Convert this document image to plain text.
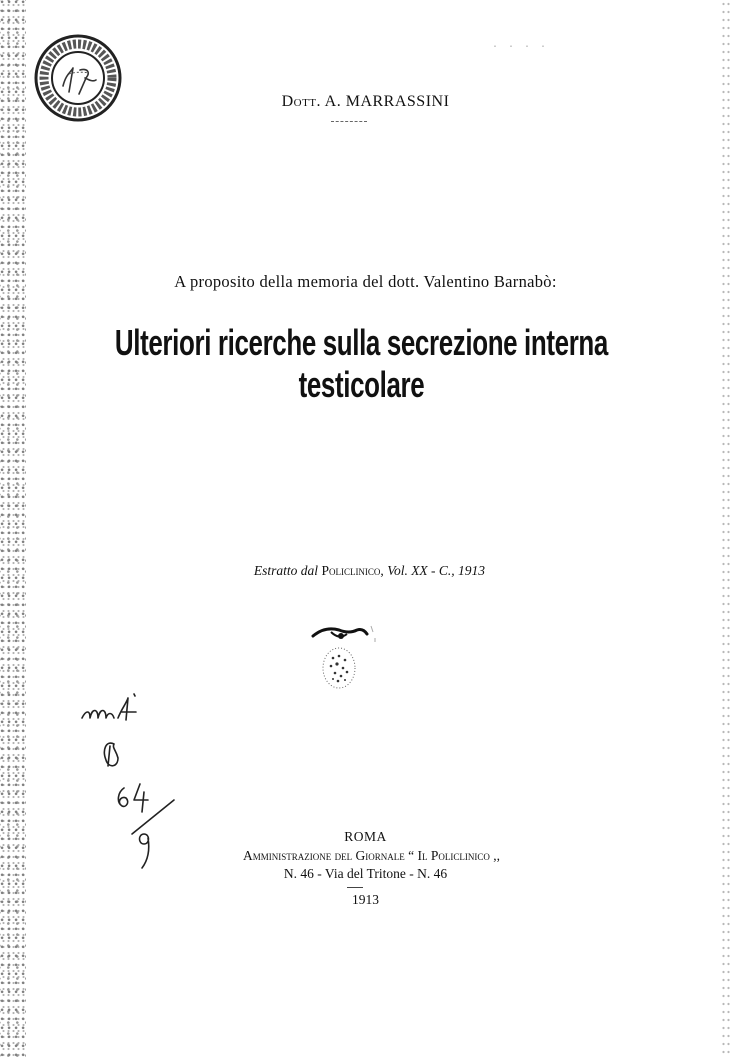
· · · ·
Dott. A. MARRASSINI
A proposito della memoria del dott. Valentino Barnabò:
Ulteriori ricerche sulla secrezione interna testicolare
Estratto dal Policlinico, Vol. XX - C., 1913
ROMA
Amministrazione del Giornale “ Il Policlinico ,,
N. 46 - Via del Tritone - N. 46
1913
